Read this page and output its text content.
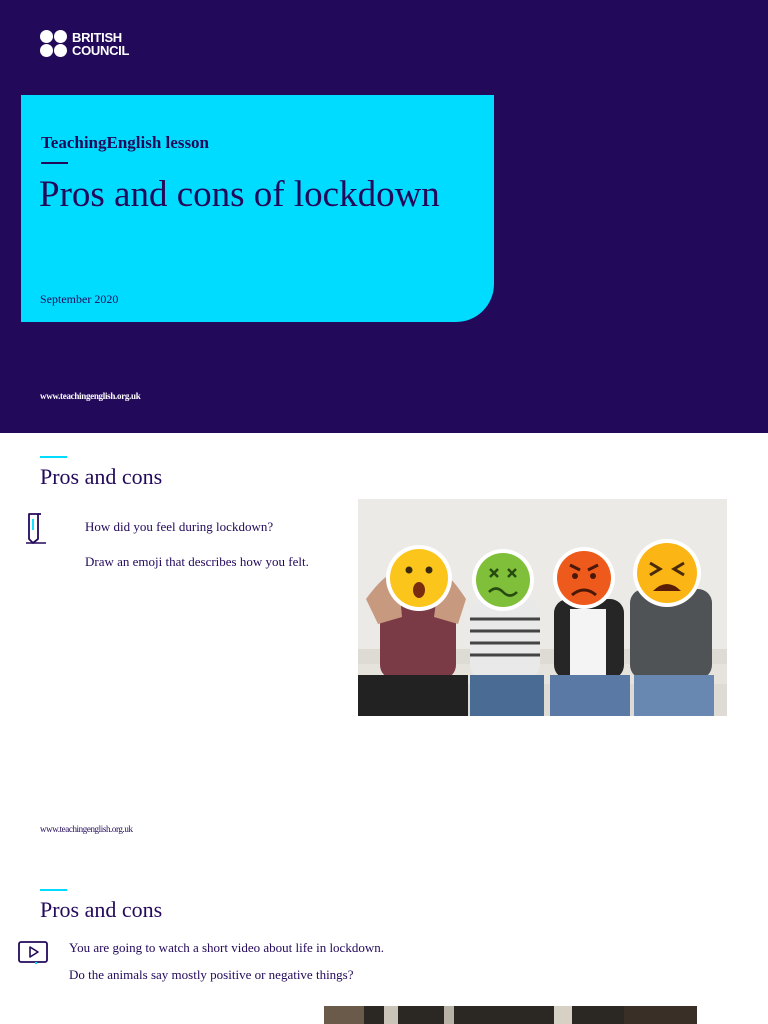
BRITISH
COUNCIL
TeachingEnglish lesson
Pros and cons of lockdown
September 2020
www.teachingenglish.org.uk
Pros and cons
How did you feel during lockdown?
Draw an emoji that describes how you felt.
www.teachingenglish.org.uk
Pros and cons
You are going to watch a short video about life in lockdown.
Do the animals say mostly positive or negative things?
